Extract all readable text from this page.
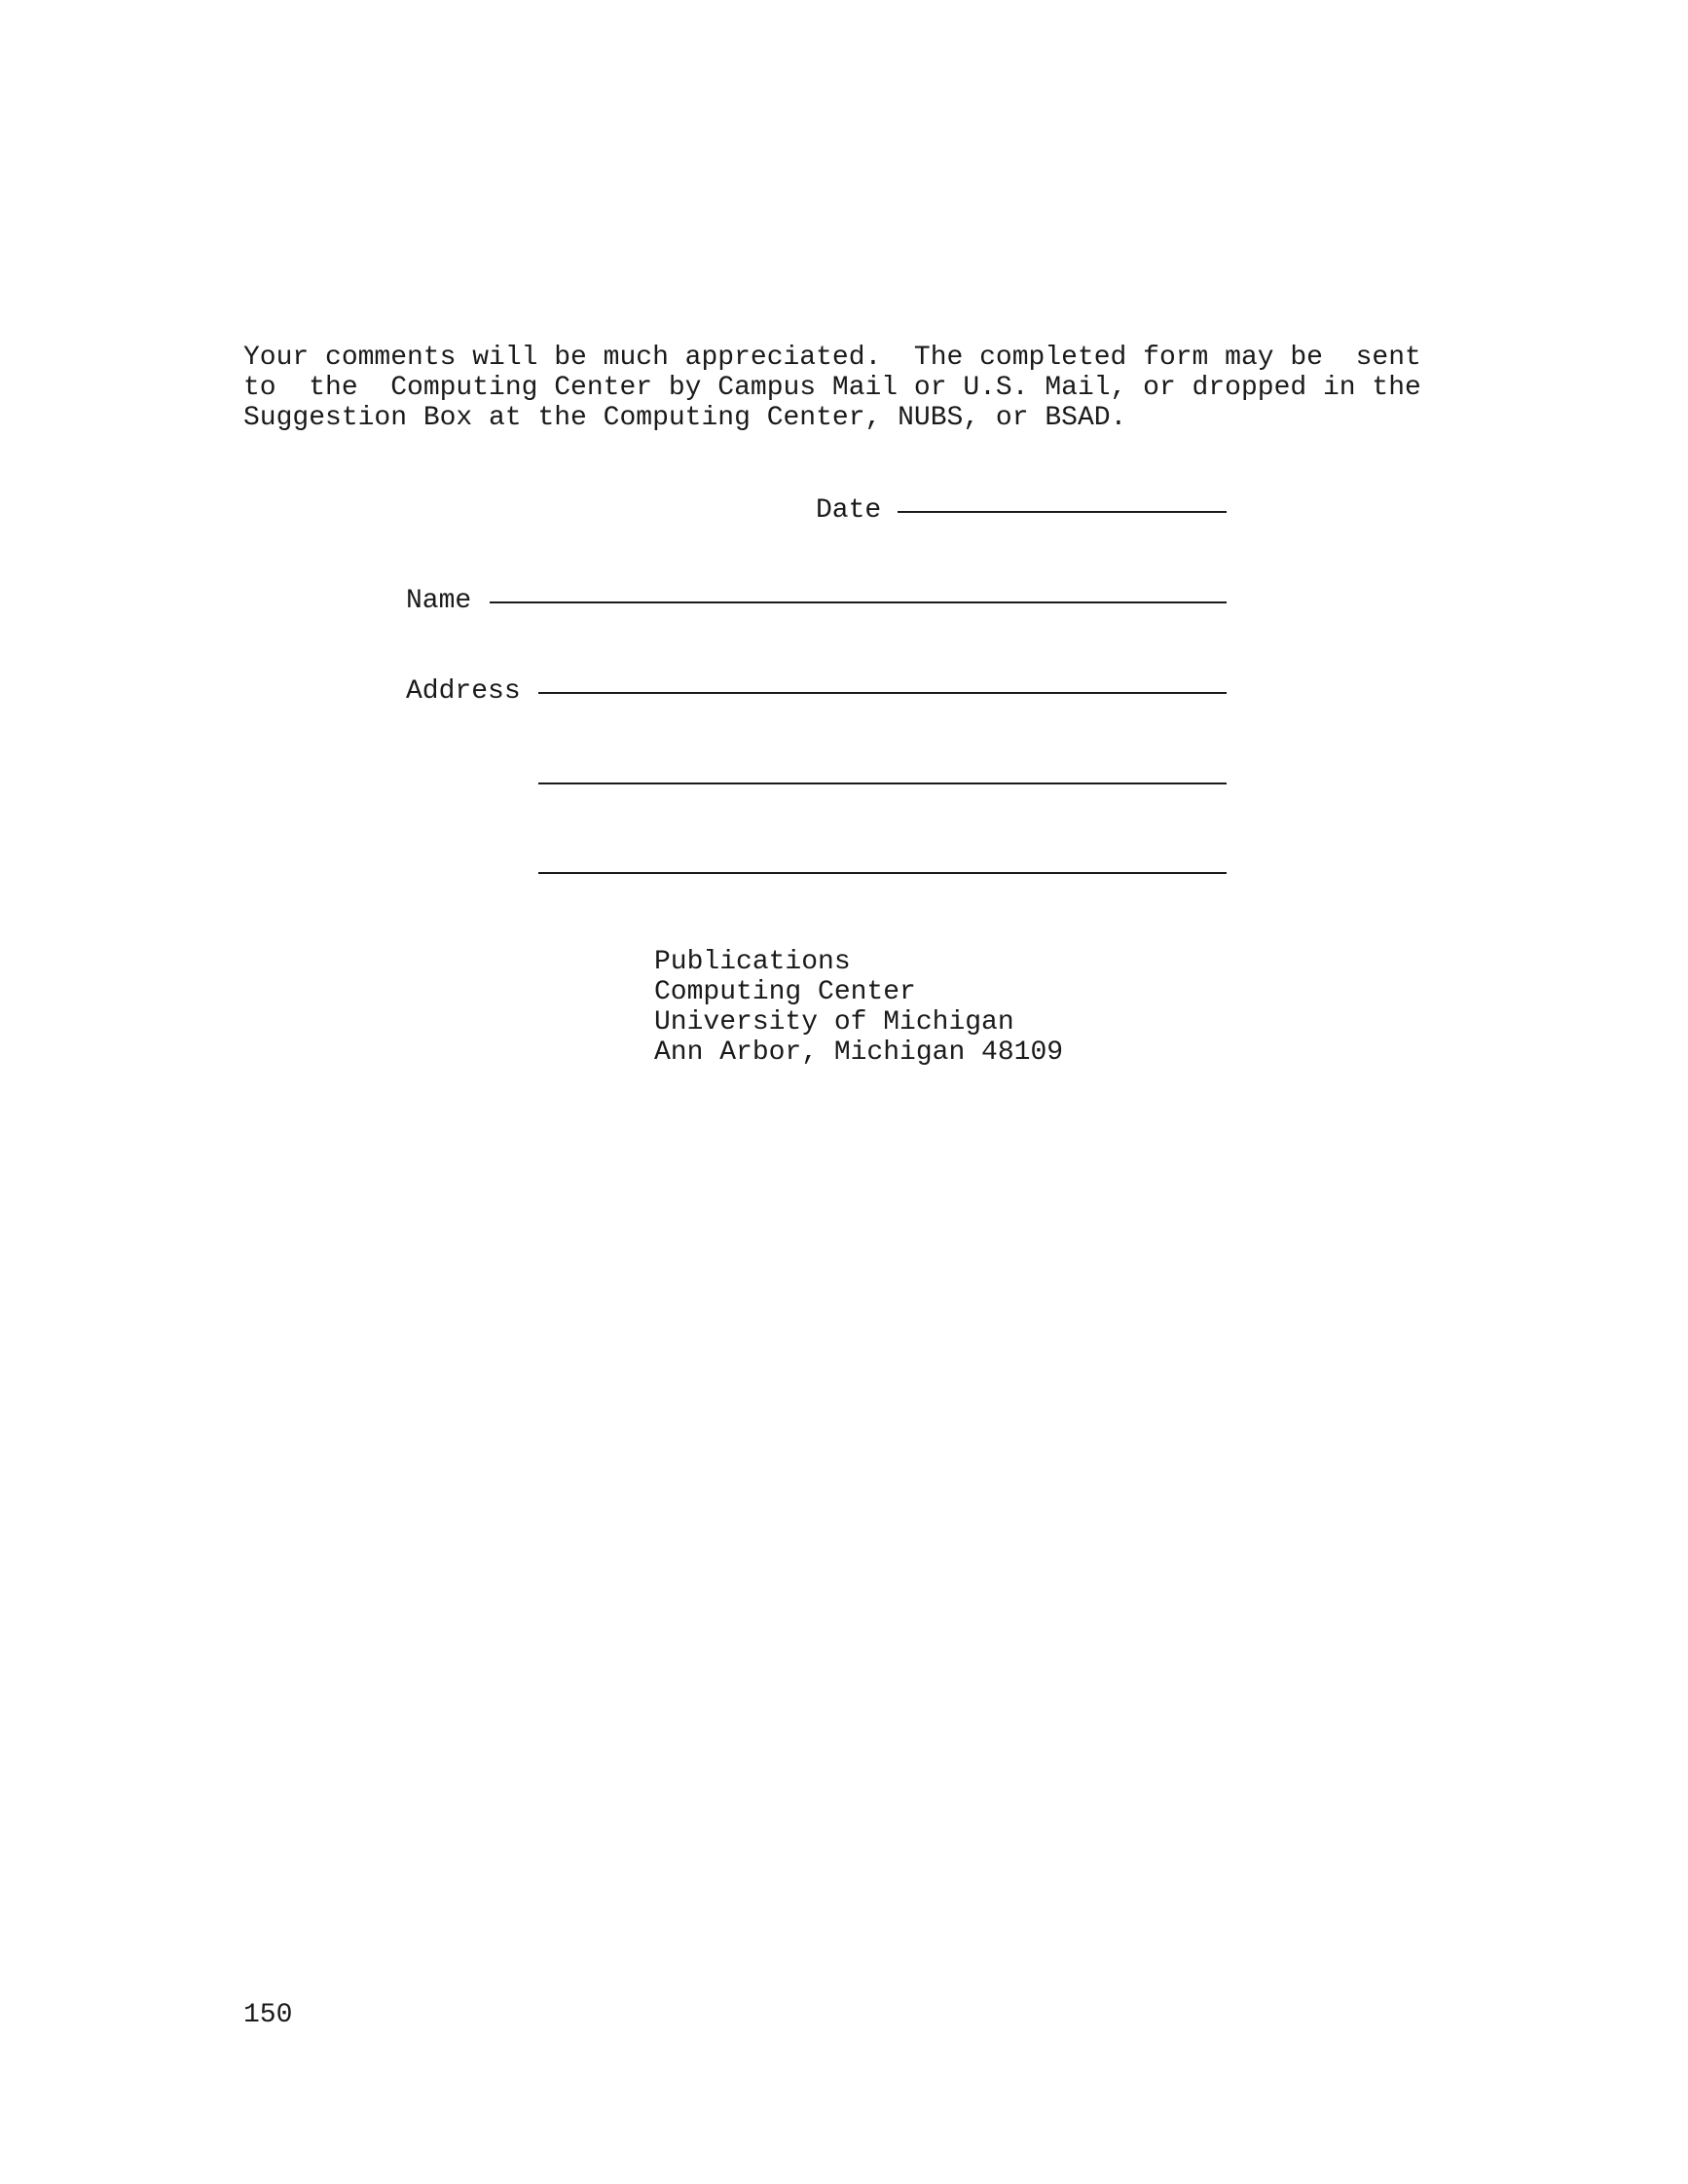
Your comments will be much appreciated.  The completed form may be  sent
to  the  Computing Center by Campus Mail or U.S. Mail, or dropped in the
Suggestion Box at the Computing Center, NUBS, or BSAD.
Date
Name
Address
Publications
Computing Center
University of Michigan
Ann Arbor, Michigan 48109
150
